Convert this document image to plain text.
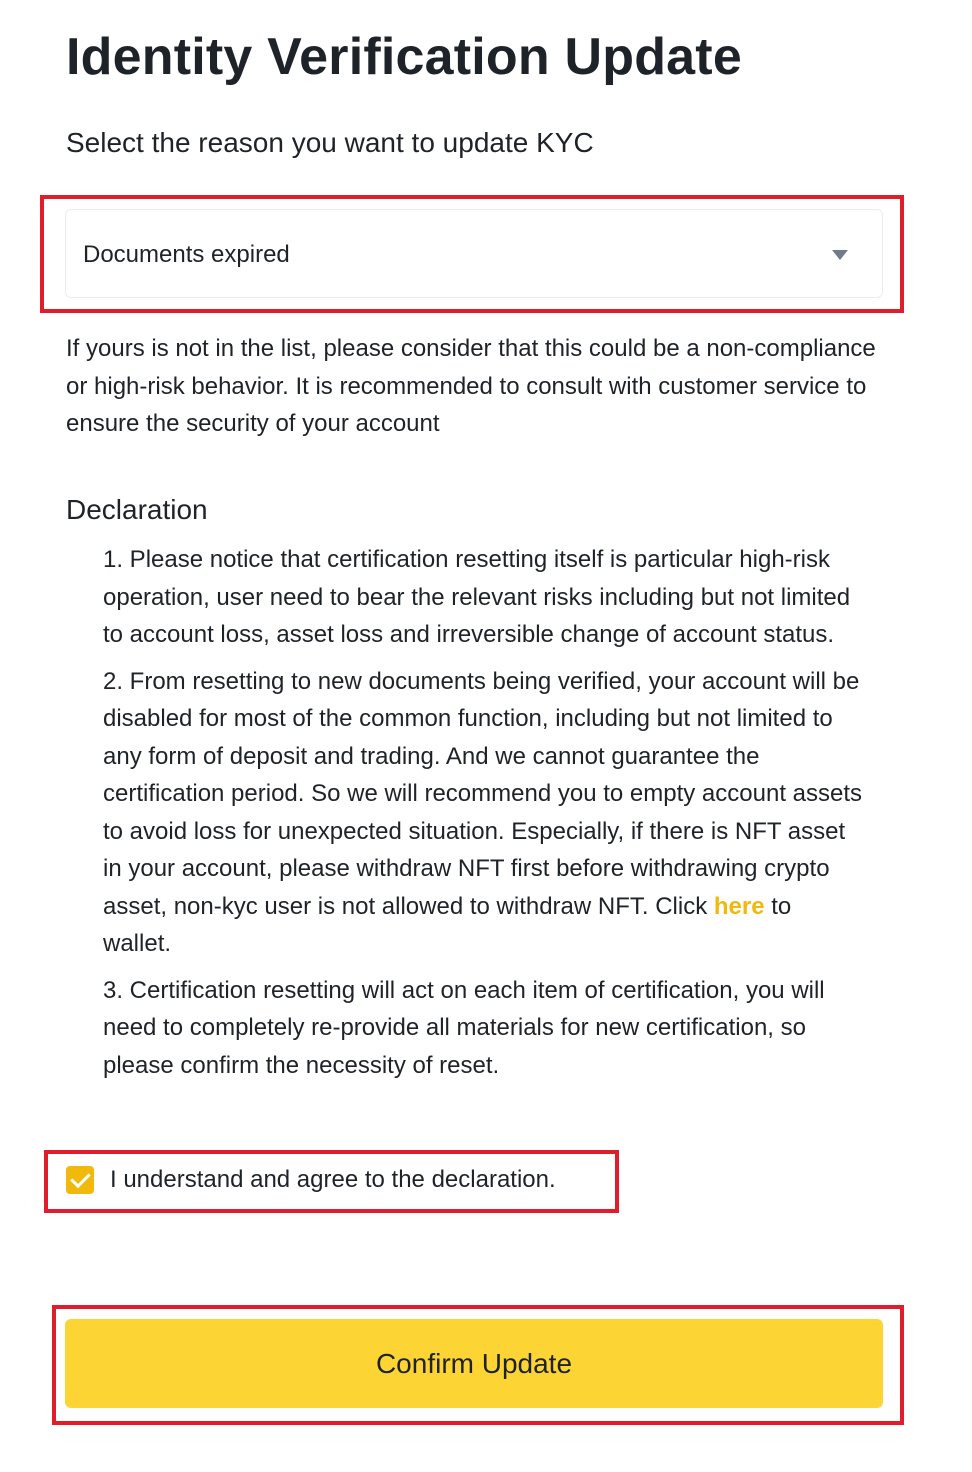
Identity Verification Update
Select the reason you want to update KYC
Documents expired
If yours is not in the list, please consider that this could be a non-compliance or high-risk behavior. It is recommended to consult with customer service to ensure the security of your account
Declaration
1. Please notice that certification resetting itself is particular high-risk operation, user need to bear the relevant risks including but not limited to account loss, asset loss and irreversible change of account status.
2. From resetting to new documents being verified, your account will be disabled for most of the common function, including but not limited to any form of deposit and trading. And we cannot guarantee the certification period. So we will recommend you to empty account assets to avoid loss for unexpected situation. Especially, if there is NFT asset in your account, please withdraw NFT first before withdrawing crypto asset, non-kyc user is not allowed to withdraw NFT. Click here to wallet.
3. Certification resetting will act on each item of certification, you will need to completely re-provide all materials for new certification, so please confirm the necessity of reset.
I understand and agree to the declaration.
Confirm Update
